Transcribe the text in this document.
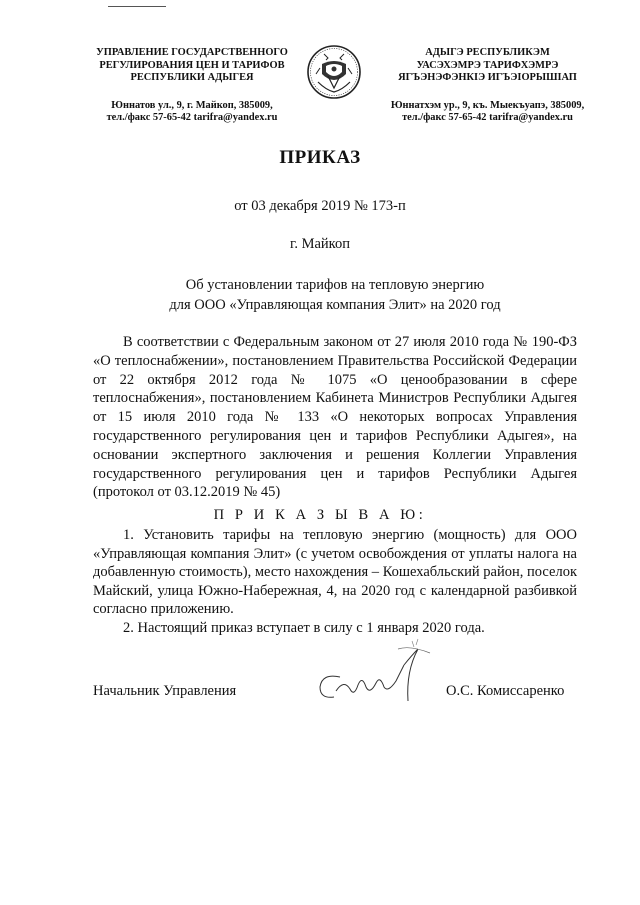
УПРАВЛЕНИЕ ГОСУДАРСТВЕННОГО
РЕГУЛИРОВАНИЯ ЦЕН И ТАРИФОВ
РЕСПУБЛИКИ АДЫГЕЯ
Юннатов ул., 9, г. Майкоп, 385009,
тел./факс 57-65-42 tarifra@yandex.ru
АДЫГЭ РЕСПУБЛИКЭМ
УАСЭХЭМРЭ ТАРИФХЭМРЭ
ЯГЪЭНЭФЭНКІЭ ИГЪЭІОРЫШІАП
Юннатхэм ур., 9, къ. Мыекъуапэ, 385009,
тел./факс 57-65-42 tarifra@yandex.ru
ПРИКАЗ
от 03 декабря 2019 № 173-п
г. Майкоп
Об установлении тарифов на тепловую энергию
для ООО «Управляющая компания Элит» на 2020 год

В соответствии с Федеральным законом от 27 июля 2010 года № 190-ФЗ «О теплоснабжении», постановлением Правительства Российской Федерации от 22 октября 2012 года № 1075 «О ценообразовании в сфере теплоснабжения», постановлением Кабинета Министров Республики Адыгея от 15 июля 2010 года № 133 «О некоторых вопросах Управления государственного регулирования цен и тарифов Республики Адыгея», на основании экспертного заключения и решения Коллегии Управления государственного регулирования цен и тарифов Республики Адыгея (протокол от 03.12.2019 № 45)

П Р И К А З Ы В А Ю:

1. Установить тарифы на тепловую энергию (мощность) для ООО «Управляющая компания Элит» (с учетом освобождения от уплаты налога на добавленную стоимость), место нахождения – Кошехабльский район, поселок Майский, улица Южно-Набережная, 4, на 2020 год с календарной разбивкой согласно приложению.

2. Настоящий приказ вступает в силу с 1 января 2020 года.

Начальник Управления	О.С. Комиссаренко
